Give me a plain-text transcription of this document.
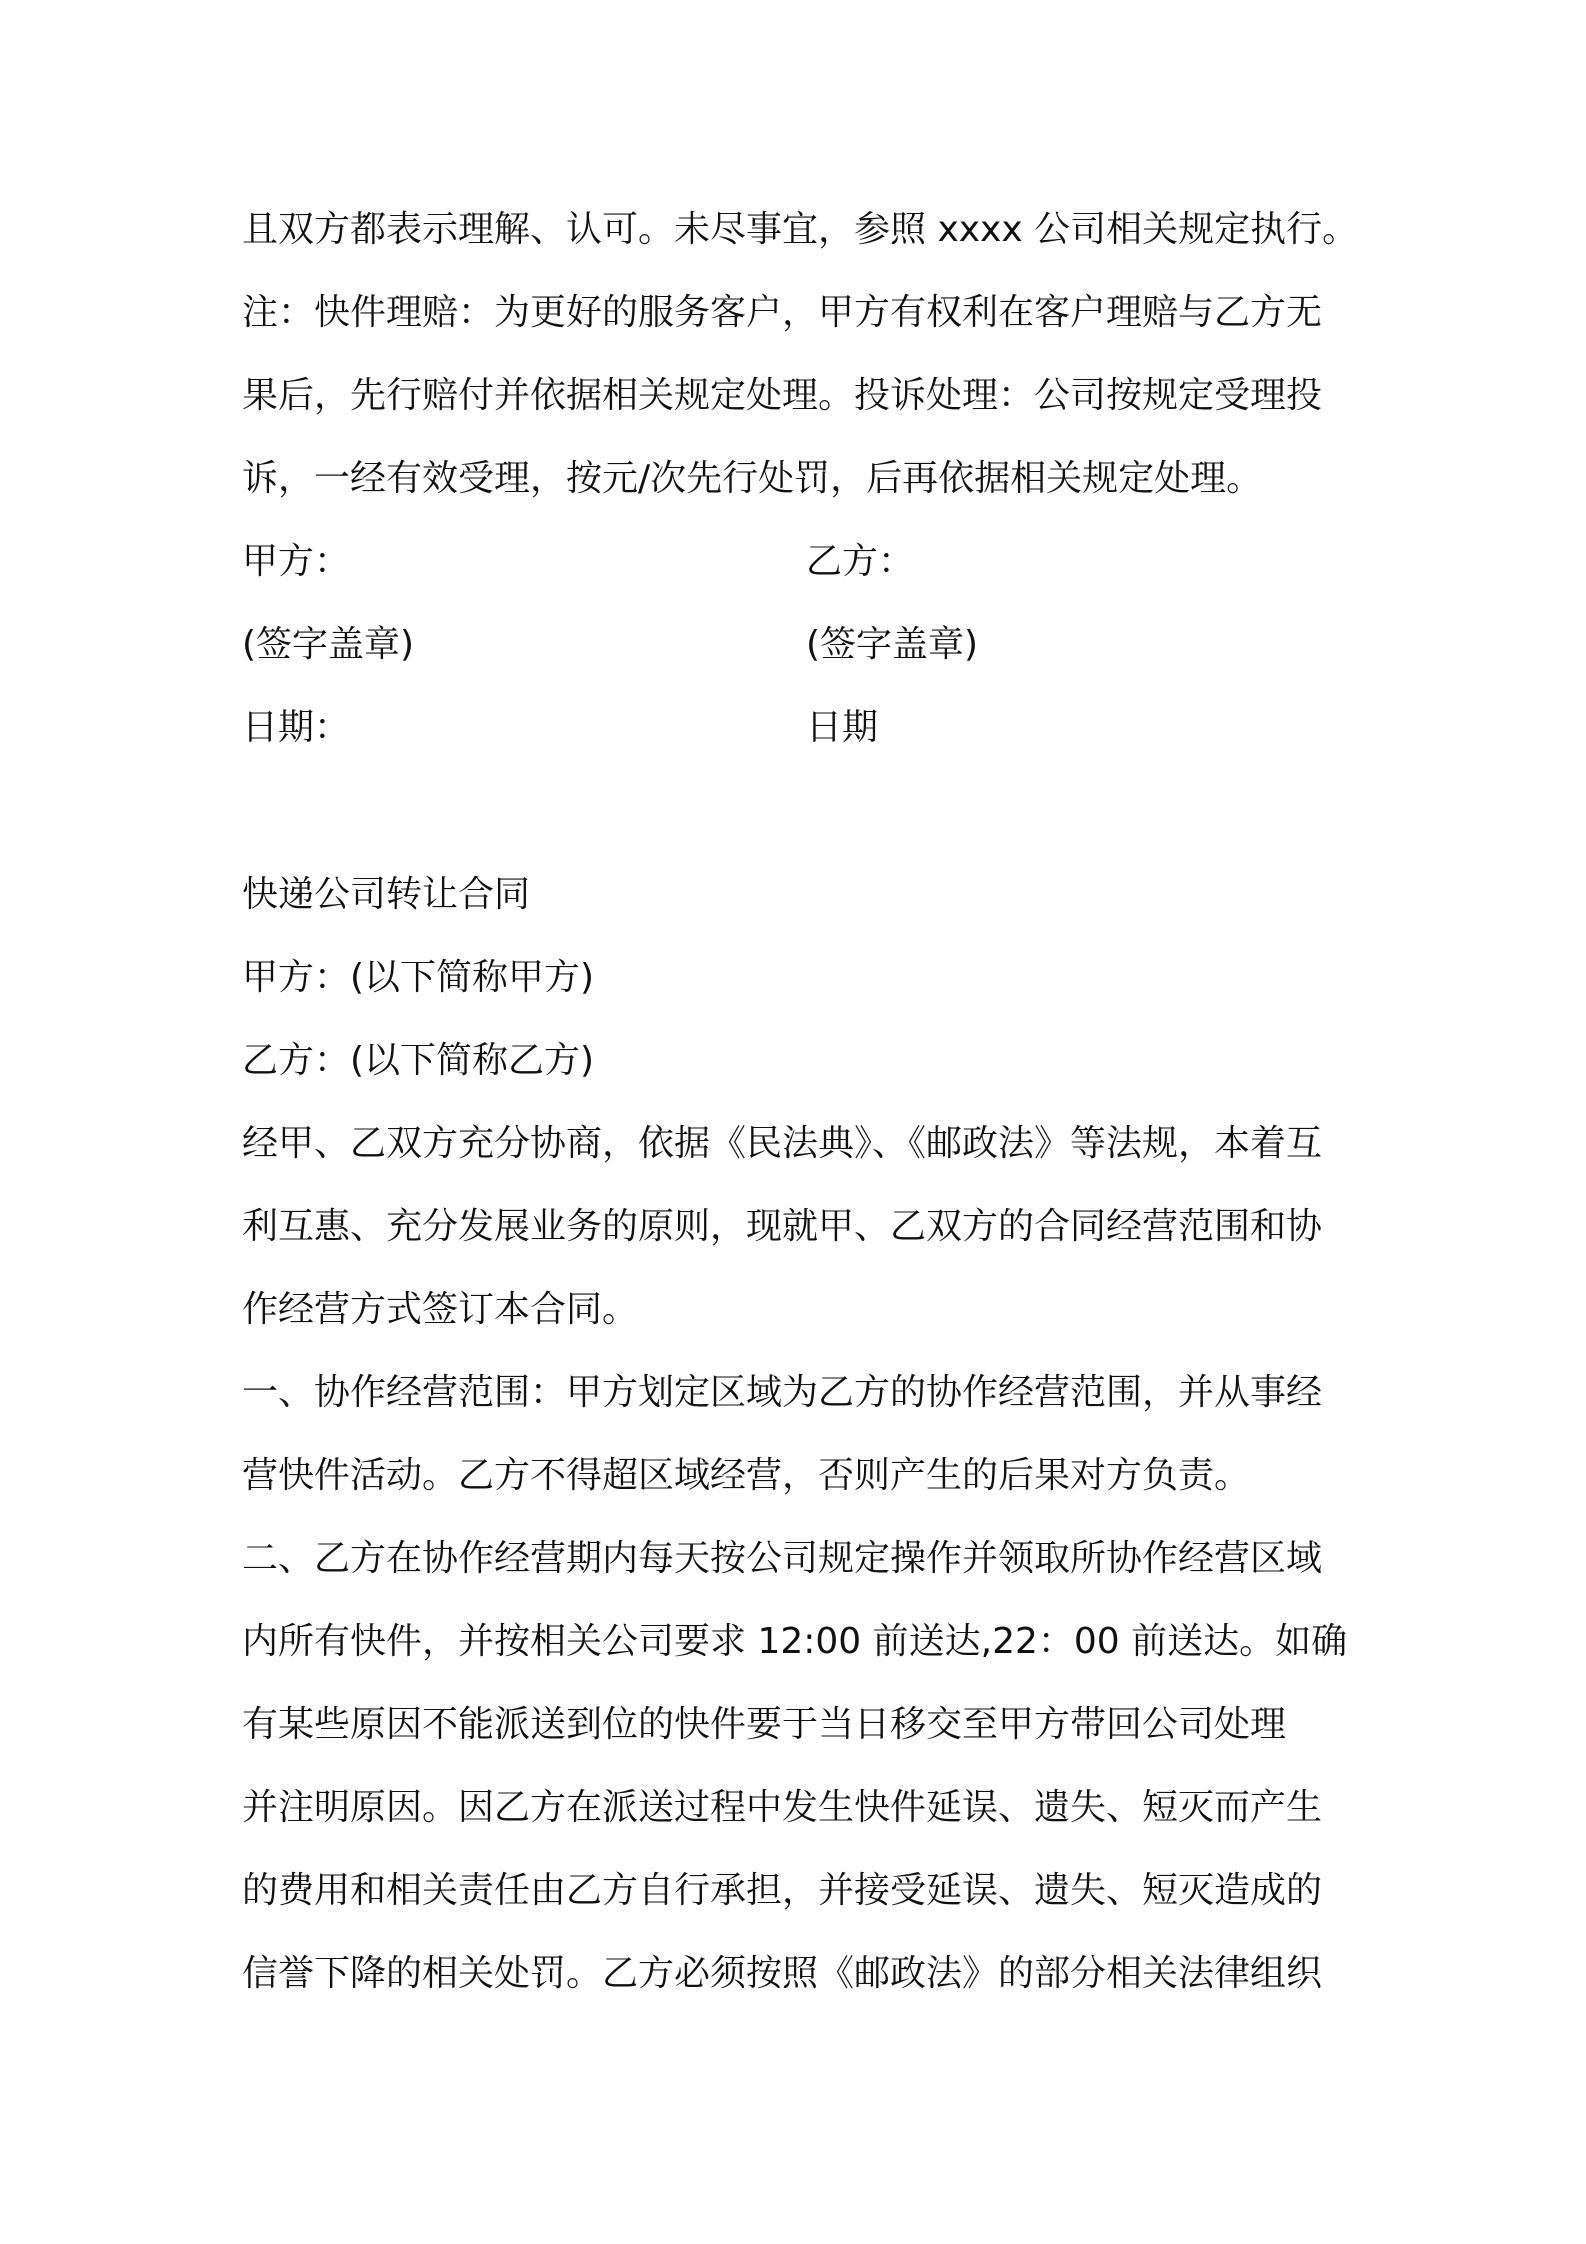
且双方都表示理解、认可。未尽事宜，参照 xxxx 公司相关规定执行。
注：快件理赔：为更好的服务客户，甲方有权利在客户理赔与乙方无
果后，先行赔付并依据相关规定处理。投诉处理：公司按规定受理投
诉，一经有效受理，按元/次先行处罚，后再依据相关规定处理。
甲方：	乙方：
(签字盖章)	(签字盖章)
日期：	日期
快递公司转让合同
甲方：(以下简称甲方)
乙方：(以下简称乙方)
经甲、乙双方充分协商，依据《民法典》、《邮政法》等法规，本着互
利互惠、充分发展业务的原则，现就甲、乙双方的合同经营范围和协
作经营方式签订本合同。
一、协作经营范围：甲方划定区域为乙方的协作经营范围，并从事经
营快件活动。乙方不得超区域经营，否则产生的后果对方负责。
二、乙方在协作经营期内每天按公司规定操作并领取所协作经营区域
内所有快件，并按相关公司要求 12:00 前送达,22：00 前送达。如确
有某些原因不能派送到位的快件要于当日移交至甲方带回公司处理
并注明原因。因乙方在派送过程中发生快件延误、遗失、短灭而产生
的费用和相关责任由乙方自行承担，并接受延误、遗失、短灭造成的
信誉下降的相关处罚。乙方必须按照《邮政法》的部分相关法律组织
